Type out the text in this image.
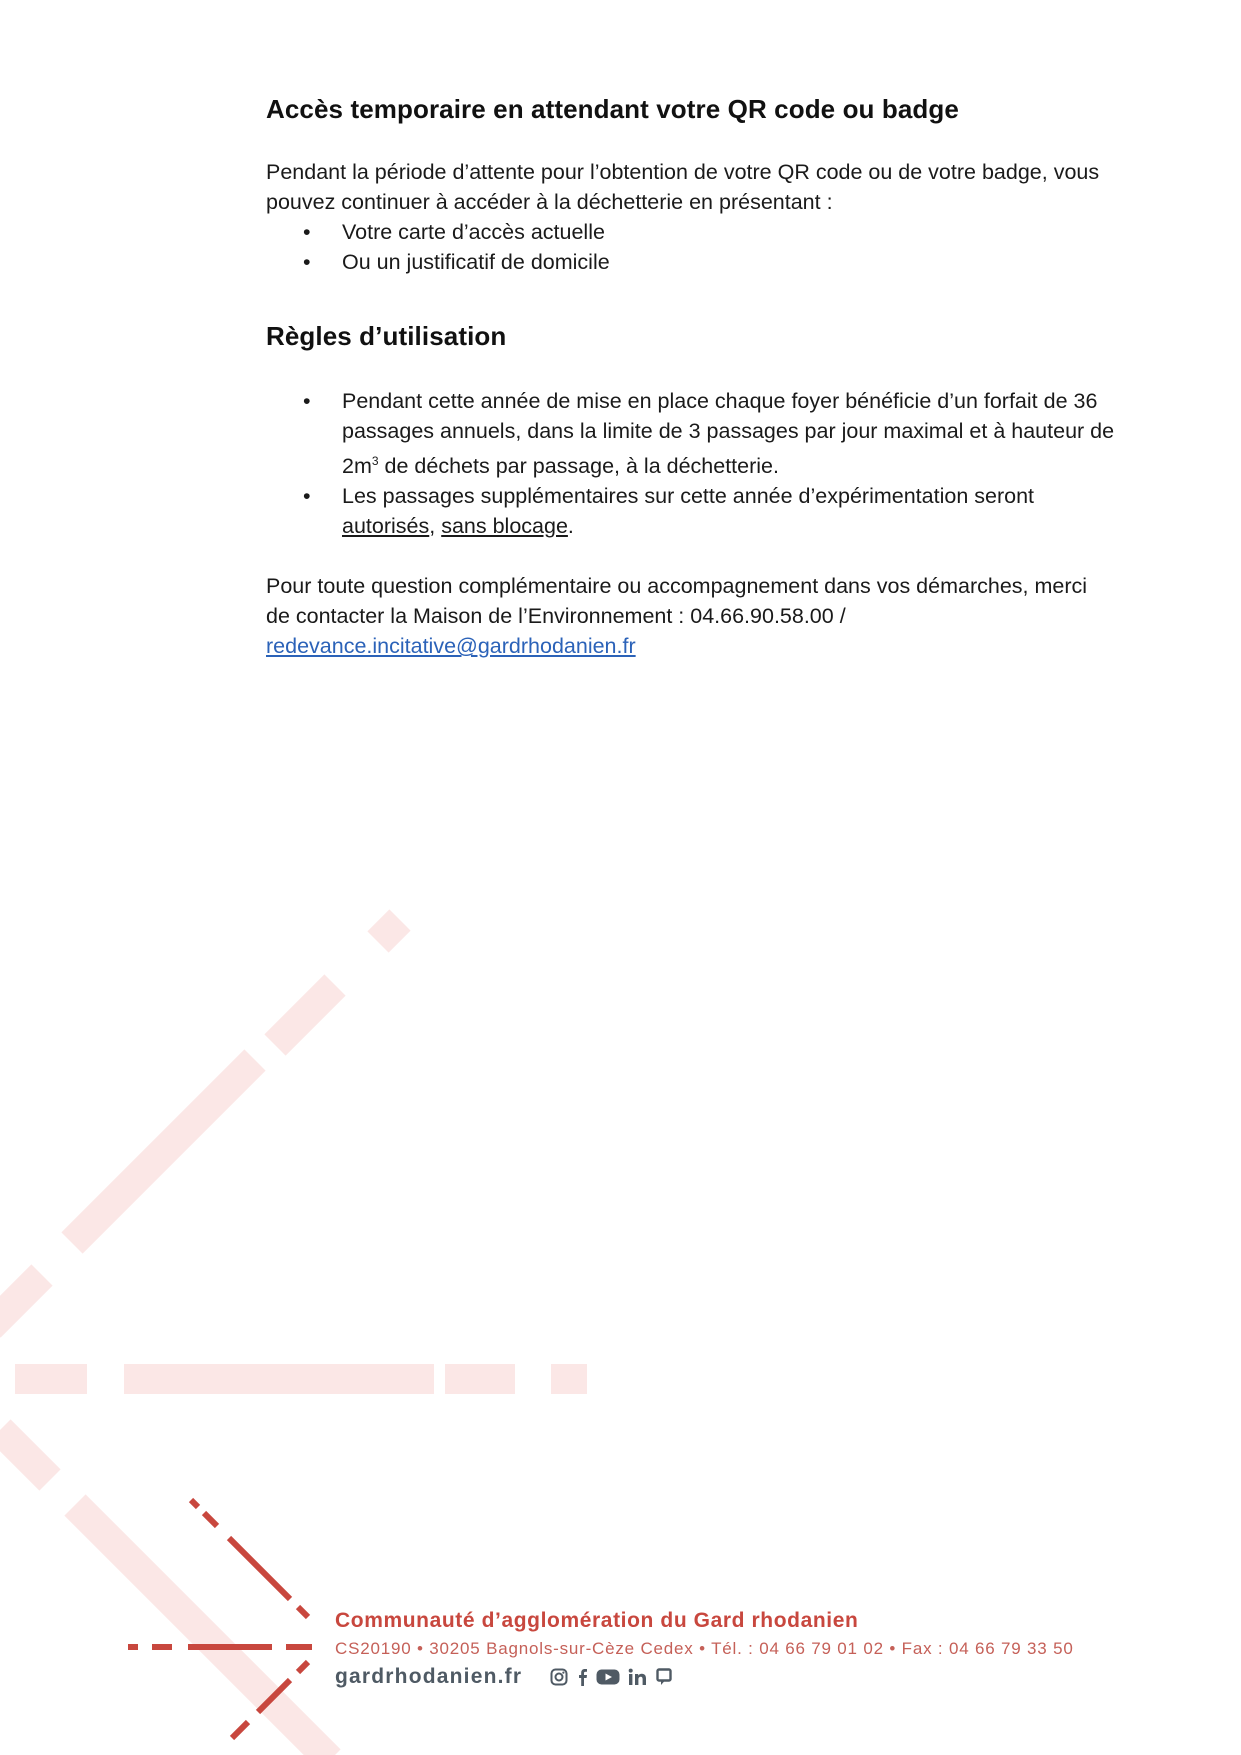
Accès temporaire en attendant votre QR code ou badge

Pendant la période d’attente pour l’obtention de votre QR code ou de votre badge, vous pouvez continuer à accéder à la déchetterie en présentant :

• Votre carte d’accès actuelle
• Ou un justificatif de domicile
Règles d’utilisation
• Pendant cette année de mise en place chaque foyer bénéficie d’un forfait de 36 passages annuels, dans la limite de 3 passages par jour maximal et à hauteur de $2m^3$ de déchets par passage, à la déchetterie.
• Les passages supplémentaires sur cette année d’expérimentation seront autorisés, sans blocage.

Pour toute question complémentaire ou accompagnement dans vos démarches, merci de contacter la Maison de l’Environnement : 04.66.90.58.00 /
redevance.incitative@gardrhodanien.fr

Communauté d’agglomération du Gard rhodanien
CS20190 • 30205 Bagnols-sur-Cèze Cedex • Tél. : 04 66 79 01 02 • Fax : 04 66 79 33 50
gardrhodanien.fr
